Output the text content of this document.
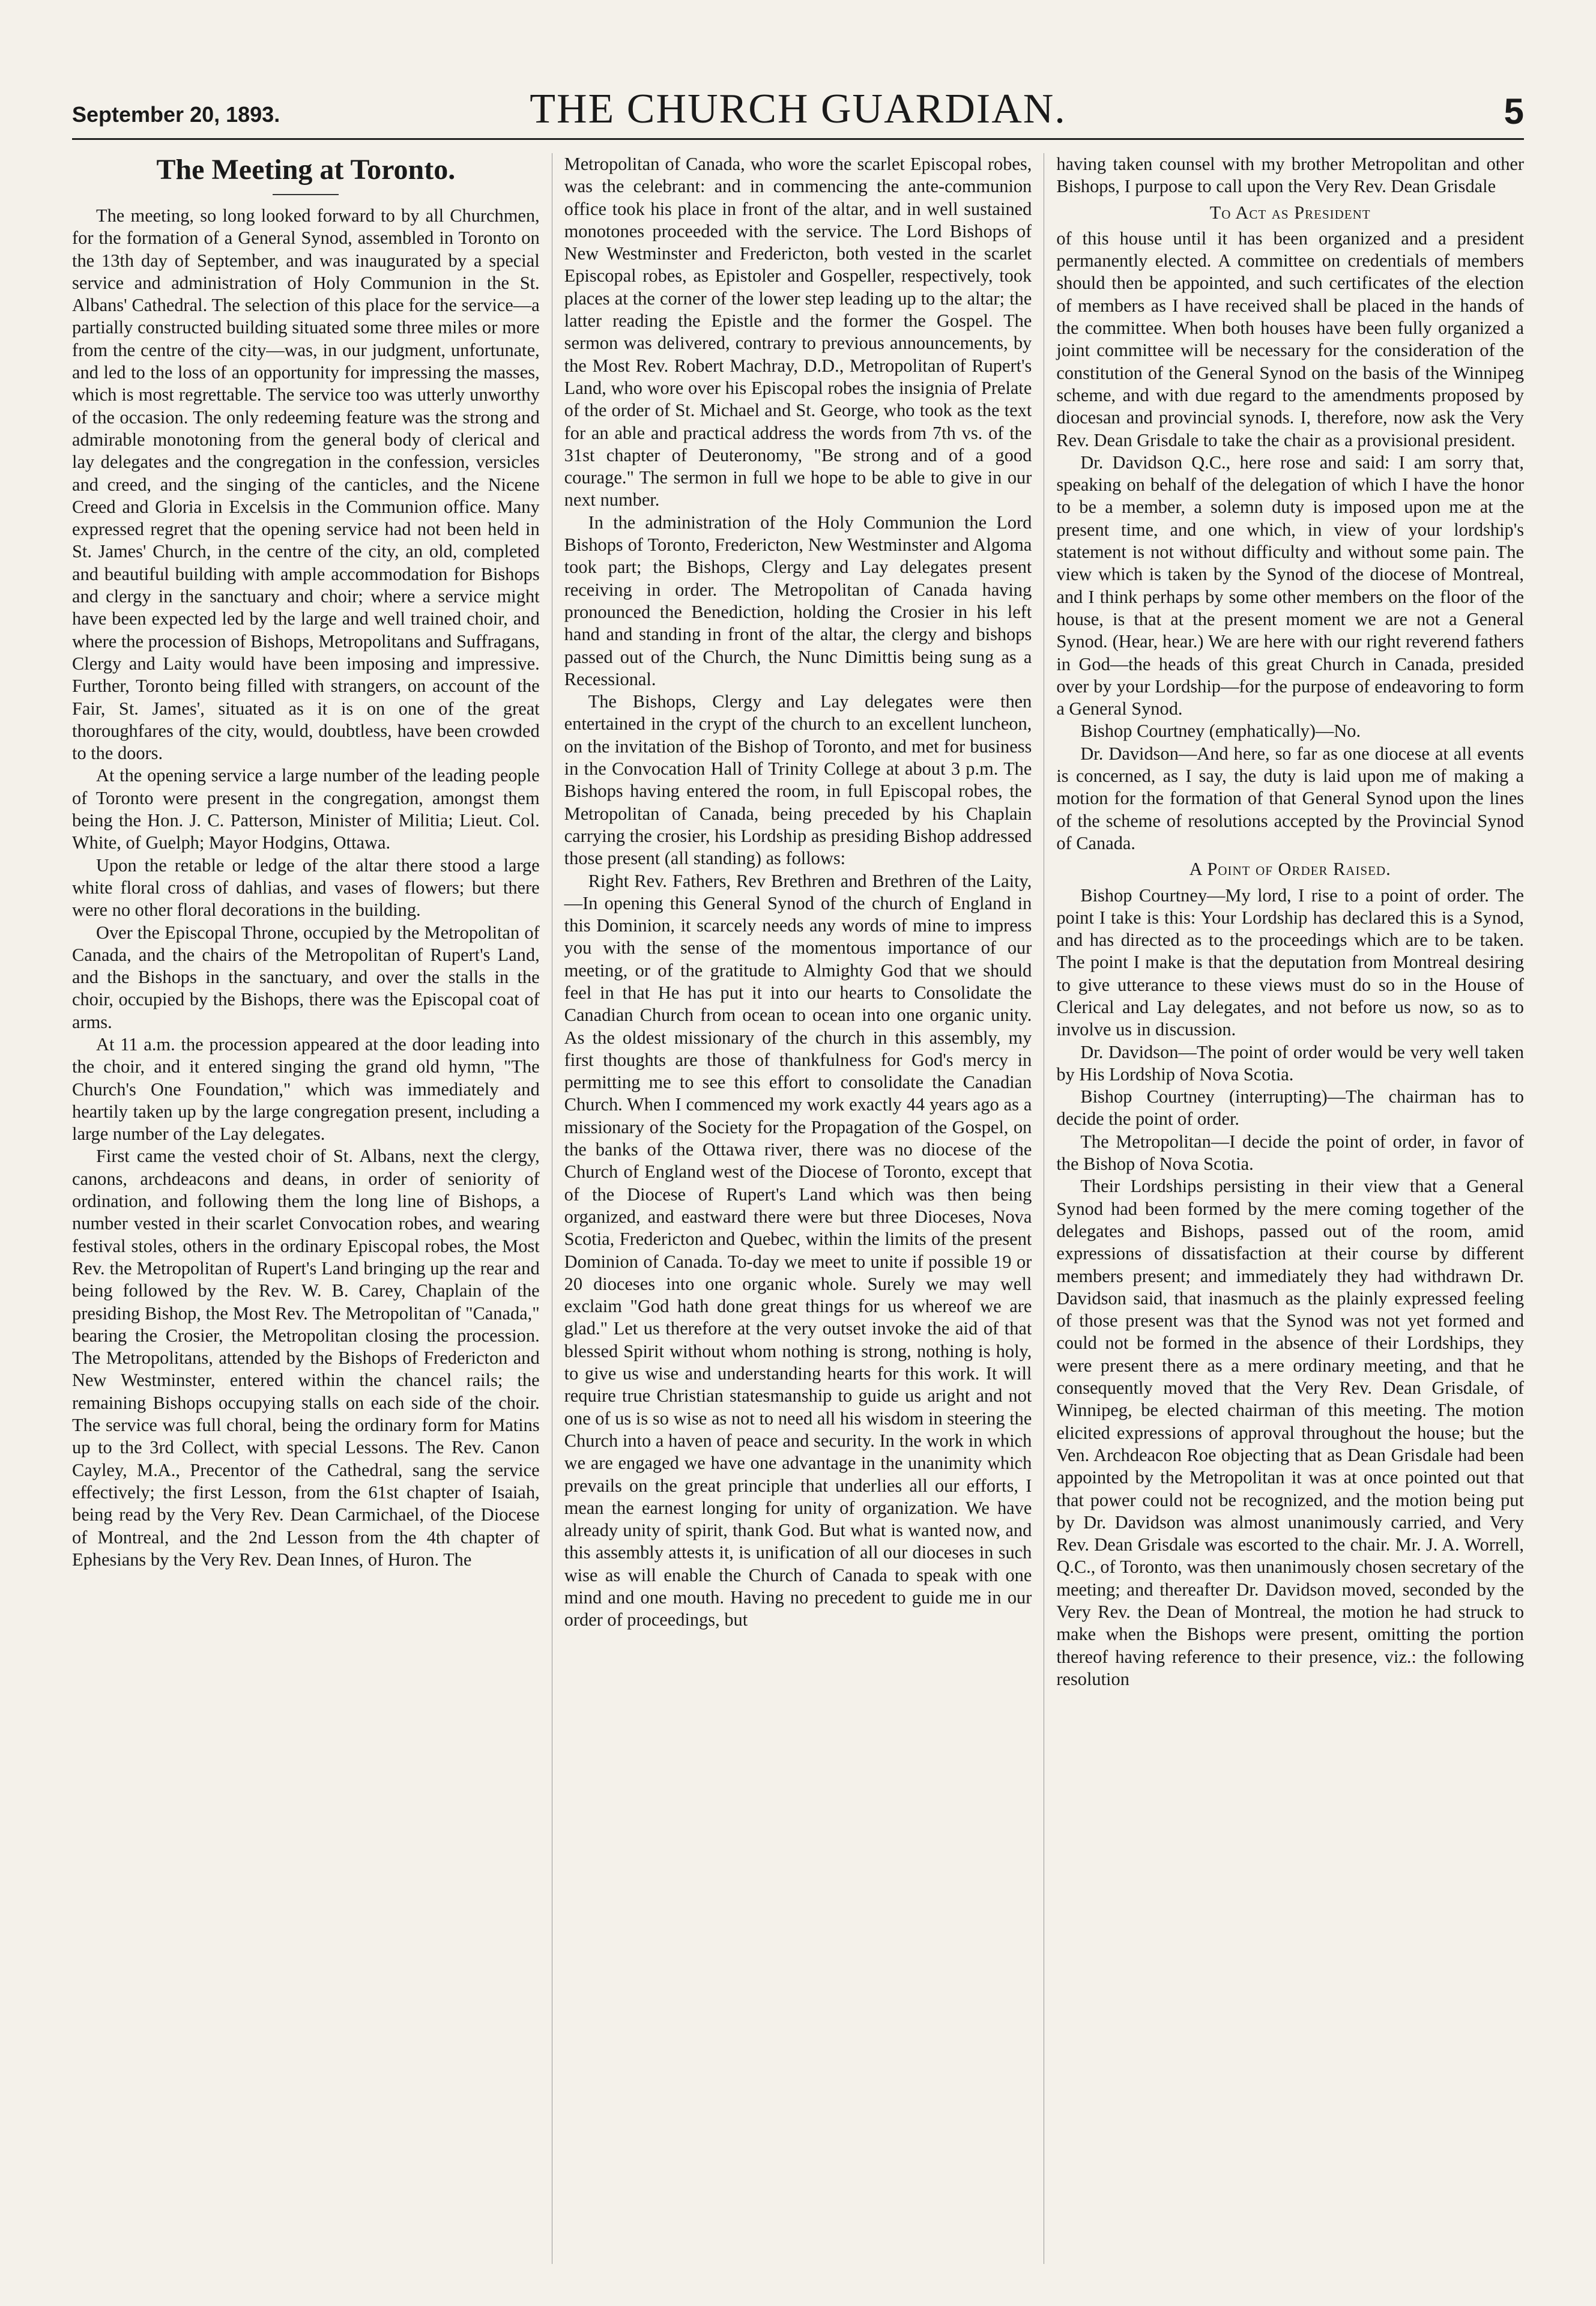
September 20, 1893.	THE CHURCH GUARDIAN.	5
The Meeting at Toronto.

The meeting, so long looked forward to by all Churchmen, for the formation of a General Synod, assembled in Toronto on the 13th day of September, and was inaugurated by a special service and administration of Holy Communion in the St. Albans' Cathedral. The selection of this place for the service—a partially constructed building situated some three miles or more from the centre of the city—was, in our judgment, unfortunate, and led to the loss of an opportunity for impressing the masses, which is most regrettable. The service too was utterly unworthy of the occasion. The only redeeming feature was the strong and admirable monotoning from the general body of clerical and lay delegates and the congregation in the confession, versicles and creed, and the singing of the canticles, and the Nicene Creed and Gloria in Excelsis in the Communion office. Many expressed regret that the opening service had not been held in St. James' Church, in the centre of the city, an old, completed and beautiful building with ample accommodation for Bishops and clergy in the sanctuary and choir; where a service might have been expected led by the large and well trained choir, and where the procession of Bishops, Metropolitans and Suffragans, Clergy and Laity would have been imposing and impressive. Further, Toronto being filled with strangers, on account of the Fair, St. James', situated as it is on one of the great thoroughfares of the city, would, doubtless, have been crowded to the doors.

At the opening service a large number of the leading people of Toronto were present in the congregation, amongst them being the Hon. J. C. Patterson, Minister of Militia; Lieut. Col. White, of Guelph; Mayor Hodgins, Ottawa.

Upon the retable or ledge of the altar there stood a large white floral cross of dahlias, and vases of flowers; but there were no other floral decorations in the building.

Over the Episcopal Throne, occupied by the Metropolitan of Canada, and the chairs of the Metropolitan of Rupert's Land, and the Bishops in the sanctuary, and over the stalls in the choir, occupied by the Bishops, there was the Episcopal coat of arms.

At 11 a.m. the procession appeared at the door leading into the choir, and it entered singing the grand old hymn, "The Church's One Foundation," which was immediately and heartily taken up by the large congregation present, including a large number of the Lay delegates.

First came the vested choir of St. Albans, next the clergy, canons, archdeacons and deans, in order of seniority of ordination, and following them the long line of Bishops, a number vested in their scarlet Convocation robes, and wearing festival stoles, others in the ordinary Episcopal robes, the Most Rev. the Metropolitan of Rupert's Land bringing up the rear and being followed by the Rev. W. B. Carey, Chaplain of the presiding Bishop, the Most Rev. The Metropolitan of "Canada," bearing the Crosier, the Metropolitan closing the procession. The Metropolitans, attended by the Bishops of Fredericton and New Westminster, entered within the chancel rails; the remaining Bishops occupying stalls on each side of the choir. The service was full choral, being the ordinary form for Matins up to the 3rd Collect, with special Lessons. The Rev. Canon Cayley, M.A., Precentor of the Cathedral, sang the service effectively; the first Lesson, from the 61st chapter of Isaiah, being read by the Very Rev. Dean Carmichael, of the Diocese of Montreal, and the 2nd Lesson from the 4th chapter of Ephesians by the Very Rev. Dean Innes, of Huron. The

Metropolitan of Canada, who wore the scarlet Episcopal robes, was the celebrant: and in commencing the ante-communion office took his place in front of the altar, and in well sustained monotones proceeded with the service. The Lord Bishops of New Westminster and Fredericton, both vested in the scarlet Episcopal robes, as Epistoler and Gospeller, respectively, took places at the corner of the lower step leading up to the altar; the latter reading the Epistle and the former the Gospel. The sermon was delivered, contrary to previous announcements, by the Most Rev. Robert Machray, D.D., Metropolitan of Rupert's Land, who wore over his Episcopal robes the insignia of Prelate of the order of St. Michael and St. George, who took as the text for an able and practical address the words from 7th vs. of the 31st chapter of Deuteronomy, "Be strong and of a good courage." The sermon in full we hope to be able to give in our next number.

In the administration of the Holy Communion the Lord Bishops of Toronto, Fredericton, New Westminster and Algoma took part; the Bishops, Clergy and Lay delegates present receiving in order. The Metropolitan of Canada having pronounced the Benediction, holding the Crosier in his left hand and standing in front of the altar, the clergy and bishops passed out of the Church, the Nunc Dimittis being sung as a Recessional.

The Bishops, Clergy and Lay delegates were then entertained in the crypt of the church to an excellent luncheon, on the invitation of the Bishop of Toronto, and met for business in the Convocation Hall of Trinity College at about 3 p.m. The Bishops having entered the room, in full Episcopal robes, the Metropolitan of Canada, being preceded by his Chaplain carrying the crosier, his Lordship as presiding Bishop addressed those present (all standing) as follows:

Right Rev. Fathers, Rev Brethren and Brethren of the Laity,—In opening this General Synod of the church of England in this Dominion, it scarcely needs any words of mine to impress you with the sense of the momentous importance of our meeting, or of the gratitude to Almighty God that we should feel in that He has put it into our hearts to Consolidate the Canadian Church from ocean to ocean into one organic unity. As the oldest missionary of the church in this assembly, my first thoughts are those of thankfulness for God's mercy in permitting me to see this effort to consolidate the Canadian Church. When I commenced my work exactly 44 years ago as a missionary of the Society for the Propagation of the Gospel, on the banks of the Ottawa river, there was no diocese of the Church of England west of the Diocese of Toronto, except that of the Diocese of Rupert's Land which was then being organized, and eastward there were but three Dioceses, Nova Scotia, Fredericton and Quebec, within the limits of the present Dominion of Canada. To-day we meet to unite if possible 19 or 20 dioceses into one organic whole. Surely we may well exclaim "God hath done great things for us whereof we are glad." Let us therefore at the very outset invoke the aid of that blessed Spirit without whom nothing is strong, nothing is holy, to give us wise and understanding hearts for this work. It will require true Christian statesmanship to guide us aright and not one of us is so wise as not to need all his wisdom in steering the Church into a haven of peace and security. In the work in which we are engaged we have one advantage in the unanimity which prevails on the great principle that underlies all our efforts, I mean the earnest longing for unity of organization. We have already unity of spirit, thank God. But what is wanted now, and this assembly attests it, is unification of all our dioceses in such wise as will enable the Church of Canada to speak with one mind and one mouth. Having no precedent to guide me in our order of proceedings, but

having taken counsel with my brother Metropolitan and other Bishops, I purpose to call upon the Very Rev. Dean Grisdale

To Act as President

of this house until it has been organized and a president permanently elected. A committee on credentials of members should then be appointed, and such certificates of the election of members as I have received shall be placed in the hands of the committee. When both houses have been fully organized a joint committee will be necessary for the consideration of the constitution of the General Synod on the basis of the Winnipeg scheme, and with due regard to the amendments proposed by diocesan and provincial synods. I, therefore, now ask the Very Rev. Dean Grisdale to take the chair as a provisional president.

Dr. Davidson Q.C., here rose and said: I am sorry that, speaking on behalf of the delegation of which I have the honor to be a member, a solemn duty is imposed upon me at the present time, and one which, in view of your lordship's statement is not without difficulty and without some pain. The view which is taken by the Synod of the diocese of Montreal, and I think perhaps by some other members on the floor of the house, is that at the present moment we are not a General Synod. (Hear, hear.) We are here with our right reverend fathers in God—the heads of this great Church in Canada, presided over by your Lordship—for the purpose of endeavoring to form a General Synod.

Bishop Courtney (emphatically)—No.

Dr. Davidson—And here, so far as one diocese at all events is concerned, as I say, the duty is laid upon me of making a motion for the formation of that General Synod upon the lines of the scheme of resolutions accepted by the Provincial Synod of Canada.

A Point of Order Raised.

Bishop Courtney—My lord, I rise to a point of order. The point I take is this: Your Lordship has declared this is a Synod, and has directed as to the proceedings which are to be taken. The point I make is that the deputation from Montreal desiring to give utterance to these views must do so in the House of Clerical and Lay delegates, and not before us now, so as to involve us in discussion.

Dr. Davidson—The point of order would be very well taken by His Lordship of Nova Scotia.

Bishop Courtney (interrupting)—The chairman has to decide the point of order.

The Metropolitan—I decide the point of order, in favor of the Bishop of Nova Scotia.

Their Lordships persisting in their view that a General Synod had been formed by the mere coming together of the delegates and Bishops, passed out of the room, amid expressions of dissatisfaction at their course by different members present; and immediately they had withdrawn Dr. Davidson said, that inasmuch as the plainly expressed feeling of those present was that the Synod was not yet formed and could not be formed in the absence of their Lordships, they were present there as a mere ordinary meeting, and that he consequently moved that the Very Rev. Dean Grisdale, of Winnipeg, be elected chairman of this meeting. The motion elicited expressions of approval throughout the house; but the Ven. Archdeacon Roe objecting that as Dean Grisdale had been appointed by the Metropolitan it was at once pointed out that that power could not be recognized, and the motion being put by Dr. Davidson was almost unanimously carried, and Very Rev. Dean Grisdale was escorted to the chair. Mr. J. A. Worrell, Q.C., of Toronto, was then unanimously chosen secretary of the meeting; and thereafter Dr. Davidson moved, seconded by the Very Rev. the Dean of Montreal, the motion he had struck to make when the Bishops were present, omitting the portion thereof having reference to their presence, viz.: the following resolution
